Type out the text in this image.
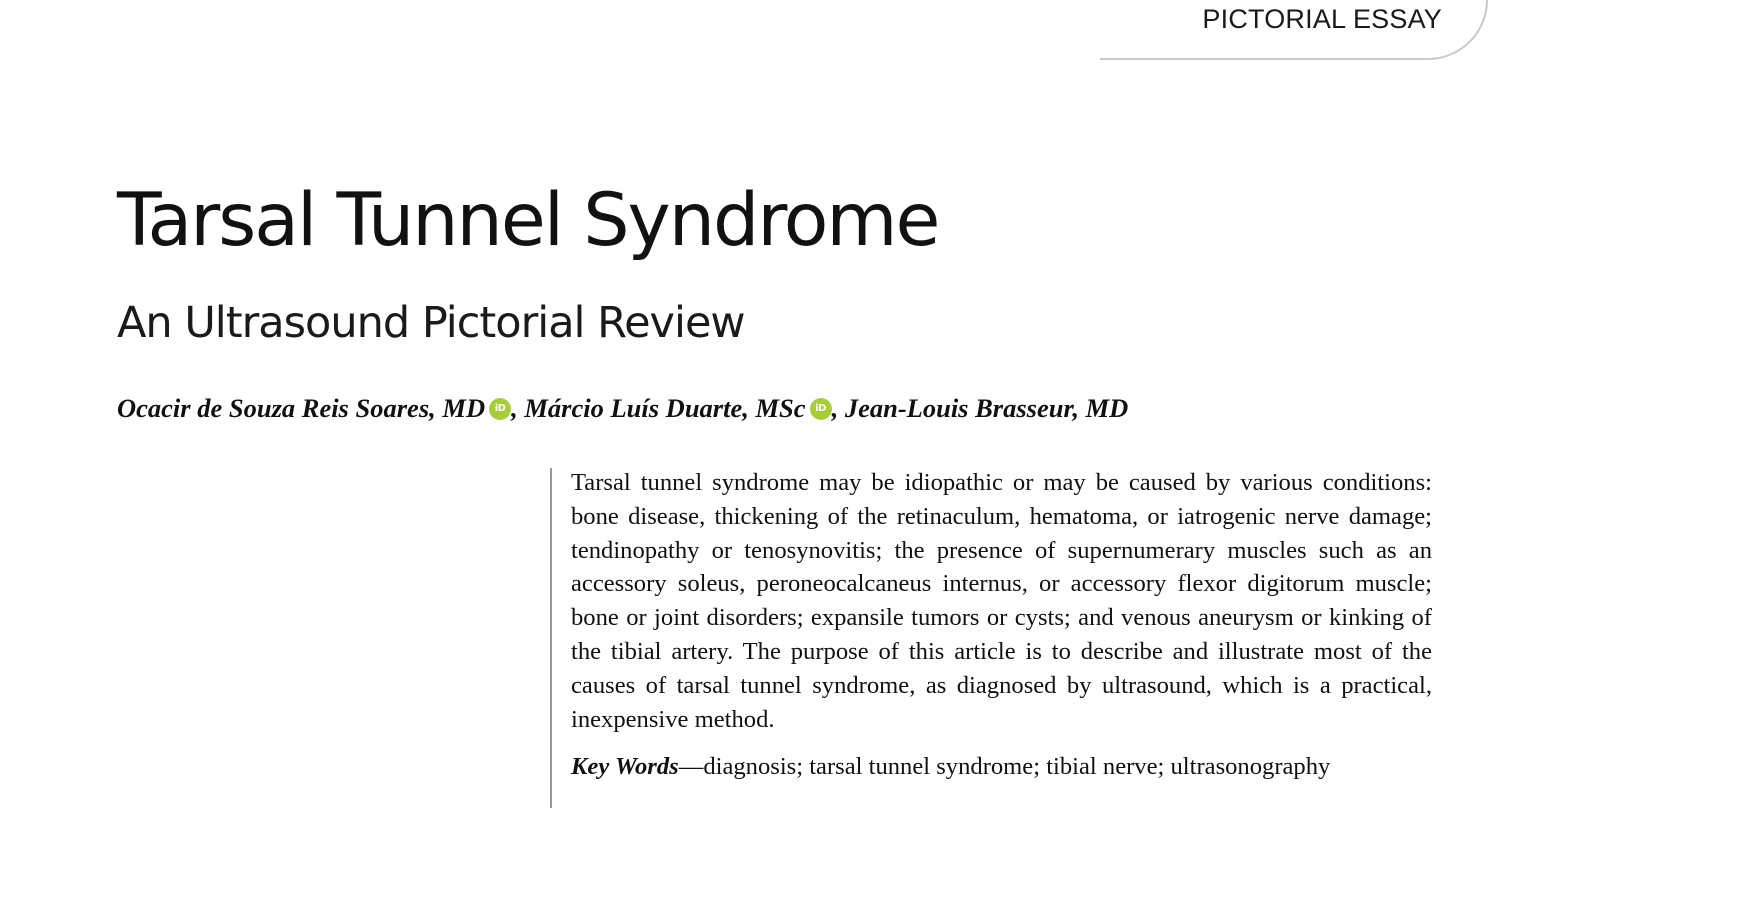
PICTORIAL ESSAY
Tarsal Tunnel Syndrome
An Ultrasound Pictorial Review
Ocacir de Souza Reis Soares, MD iD , Márcio Luís Duarte, MSc iD , Jean-Louis Brasseur, MD

Tarsal tunnel syndrome may be idiopathic or may be caused by various conditions: bone disease, thickening of the retinaculum, hematoma, or iatrogenic nerve damage; tendinopathy or tenosynovitis; the presence of supernumerary muscles such as an accessory soleus, peroneocalcaneus internus, or accessory flexor digitorum muscle; bone or joint disorders; expansile tumors or cysts; and venous aneurysm or kinking of the tibial artery. The purpose of this article is to describe and illustrate most of the causes of tarsal tunnel syndrome, as diagnosed by ultrasound, which is a practical, inexpensive method.

Key Words—diagnosis; tarsal tunnel syndrome; tibial nerve; ultrasonography
